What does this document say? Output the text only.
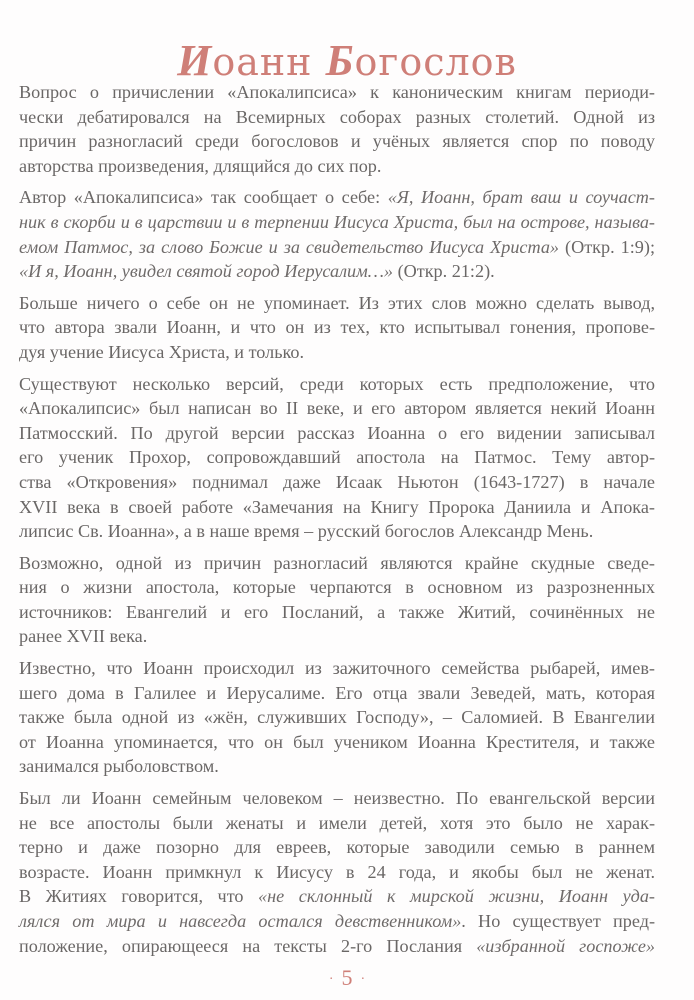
Иоанн Богослов

Вопрос о причислении «Апокалипсиса» к каноническим книгам периоди-
чески дебатировался на Всемирных соборах разных столетий. Одной из
причин разногласий среди богословов и учёных является спор по поводу
авторства произведения, длящийся до сих пор.

Автор «Апокалипсиса» так сообщает о себе: «Я, Иоанн, брат ваш и соучаст-
ник в скорби и в царствии и в терпении Иисуса Христа, был на острове, называ-
емом Патмос, за слово Божие и за свидетельство Иисуса Христа» (Откр. 1:9);
«И я, Иоанн, увидел святой город Иерусалим…» (Откр. 21:2).

Больше ничего о себе он не упоминает. Из этих слов можно сделать вывод,
что автора звали Иоанн, и что он из тех, кто испытывал гонения, пропове-
дуя учение Иисуса Христа, и только.

Существуют несколько версий, среди которых есть предположение, что
«Апокалипсис» был написан во II веке, и его автором является некий Иоанн
Патмосский. По другой версии рассказ Иоанна о его видении записывал
его ученик Прохор, сопровождавший апостола на Патмос. Тему автор-
ства «Откровения» поднимал даже Исаак Ньютон (1643-1727) в начале
XVII века в своей работе «Замечания на Книгу Пророка Даниила и Апока-
липсис Св. Иоанна», а в наше время – русский богослов Александр Мень.

Возможно, одной из причин разногласий являются крайне скудные сведе-
ния о жизни апостола, которые черпаются в основном из разрозненных
источников: Евангелий и его Посланий, а также Житий, сочинённых не
ранее XVII века.

Известно, что Иоанн происходил из зажиточного семейства рыбарей, имев-
шего дома в Галилее и Иерусалиме. Его отца звали Зеведей, мать, которая
также была одной из «жён, служивших Господу», – Саломией. В Евангелии
от Иоанна упоминается, что он был учеником Иоанна Крестителя, и также
занимался рыболовством.

Был ли Иоанн семейным человеком – неизвестно. По евангельской версии
не все апостолы были женаты и имели детей, хотя это было не харак-
терно и даже позорно для евреев, которые заводили семью в раннем
возрасте. Иоанн примкнул к Иисусу в 24 года, и якобы был не женат.
В Житиях говорится, что «не склонный к мирской жизни, Иоанн уда-
лялся от мира и навсегда остался девственником». Но существует пред-
положение, опирающееся на тексты 2-го Послания «избранной госпоже»

· 5 ·
